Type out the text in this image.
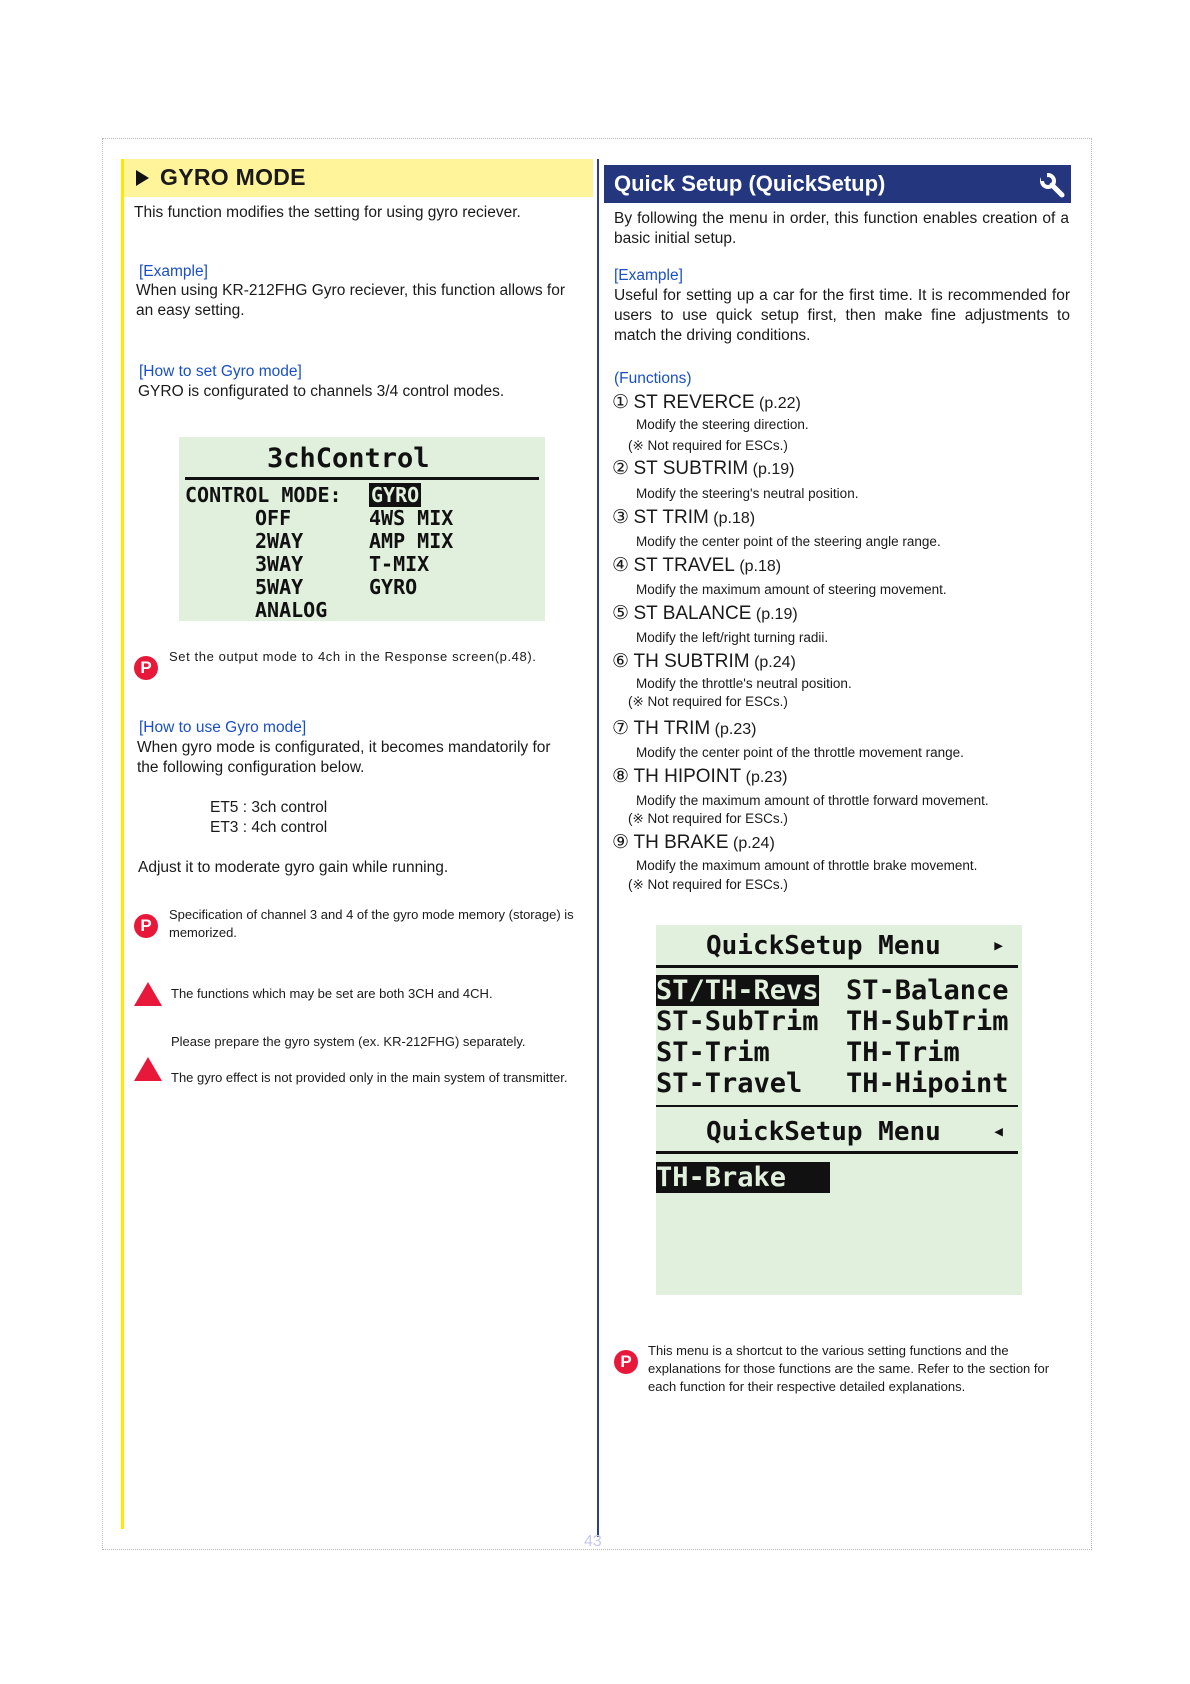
GYRO MODE
This function modifies the setting for using gyro reciever.
[Example]
When using KR-212FHG Gyro reciever, this function allows for an easy setting.
[How to set Gyro mode]
GYRO is configurated to channels 3/4 control modes.
3chControl
CONTROL MODE: GYRO
OFF
2WAY
3WAY
5WAY
ANALOG
4WS MIX
AMP MIX
T-MIX
GYRO
P
Set the output mode to 4ch in the Response screen(p.48).
[How to use Gyro mode]
When gyro mode is configurated, it becomes mandatorily for the following configuration below.
ET5 : 3ch control
ET3 : 4ch control
Adjust it to moderate gyro gain while running.
P
Specification of channel 3 and 4 of the gyro mode memory (storage) is memorized.
!	The functions which may be set are both 3CH and 4CH.
!
Please prepare the gyro system (ex. KR-212FHG) separately.
The gyro effect is not provided only in the main system of transmitter.
Quick Setup (QuickSetup)
By following the menu in order, this function enables creation of a basic initial setup.
[Example]
Useful for setting up a car for the first time. It is recommended for users to use quick setup first, then make fine adjustments to match the driving conditions.
(Functions)
① ST REVERCE (p.22)
Modify the steering direction.
(※ Not required for ESCs.)
② ST SUBTRIM (p.19)
Modify the steering's neutral position.
③ ST TRIM (p.18)
Modify the center point of the steering angle range.
④ ST TRAVEL (p.18)
Modify the maximum amount of steering movement.
⑤ ST BALANCE (p.19)
Modify the left/right turning radii.
⑥ TH SUBTRIM (p.24)
Modify the throttle's neutral position.
(※ Not required for ESCs.)
⑦ TH TRIM (p.23)
Modify the center point of the throttle movement range.
⑧ TH HIPOINT (p.23)
Modify the maximum amount of throttle forward movement.
(※ Not required for ESCs.)
⑨ TH BRAKE (p.24)
Modify the maximum amount of throttle brake movement.
(※ Not required for ESCs.)
QuickSetup Menu ▸
ST/TH-Revs ST-Balance
ST-SubTrim TH-SubTrim
ST-Trim	TH-Trim
ST-Travel TH-Hipoint
QuickSetup Menu ◂
TH-Brake
P
This menu is a shortcut to the various setting functions and the explanations for those functions are the same. Refer to the section for each function for their respective detailed explanations.
43
